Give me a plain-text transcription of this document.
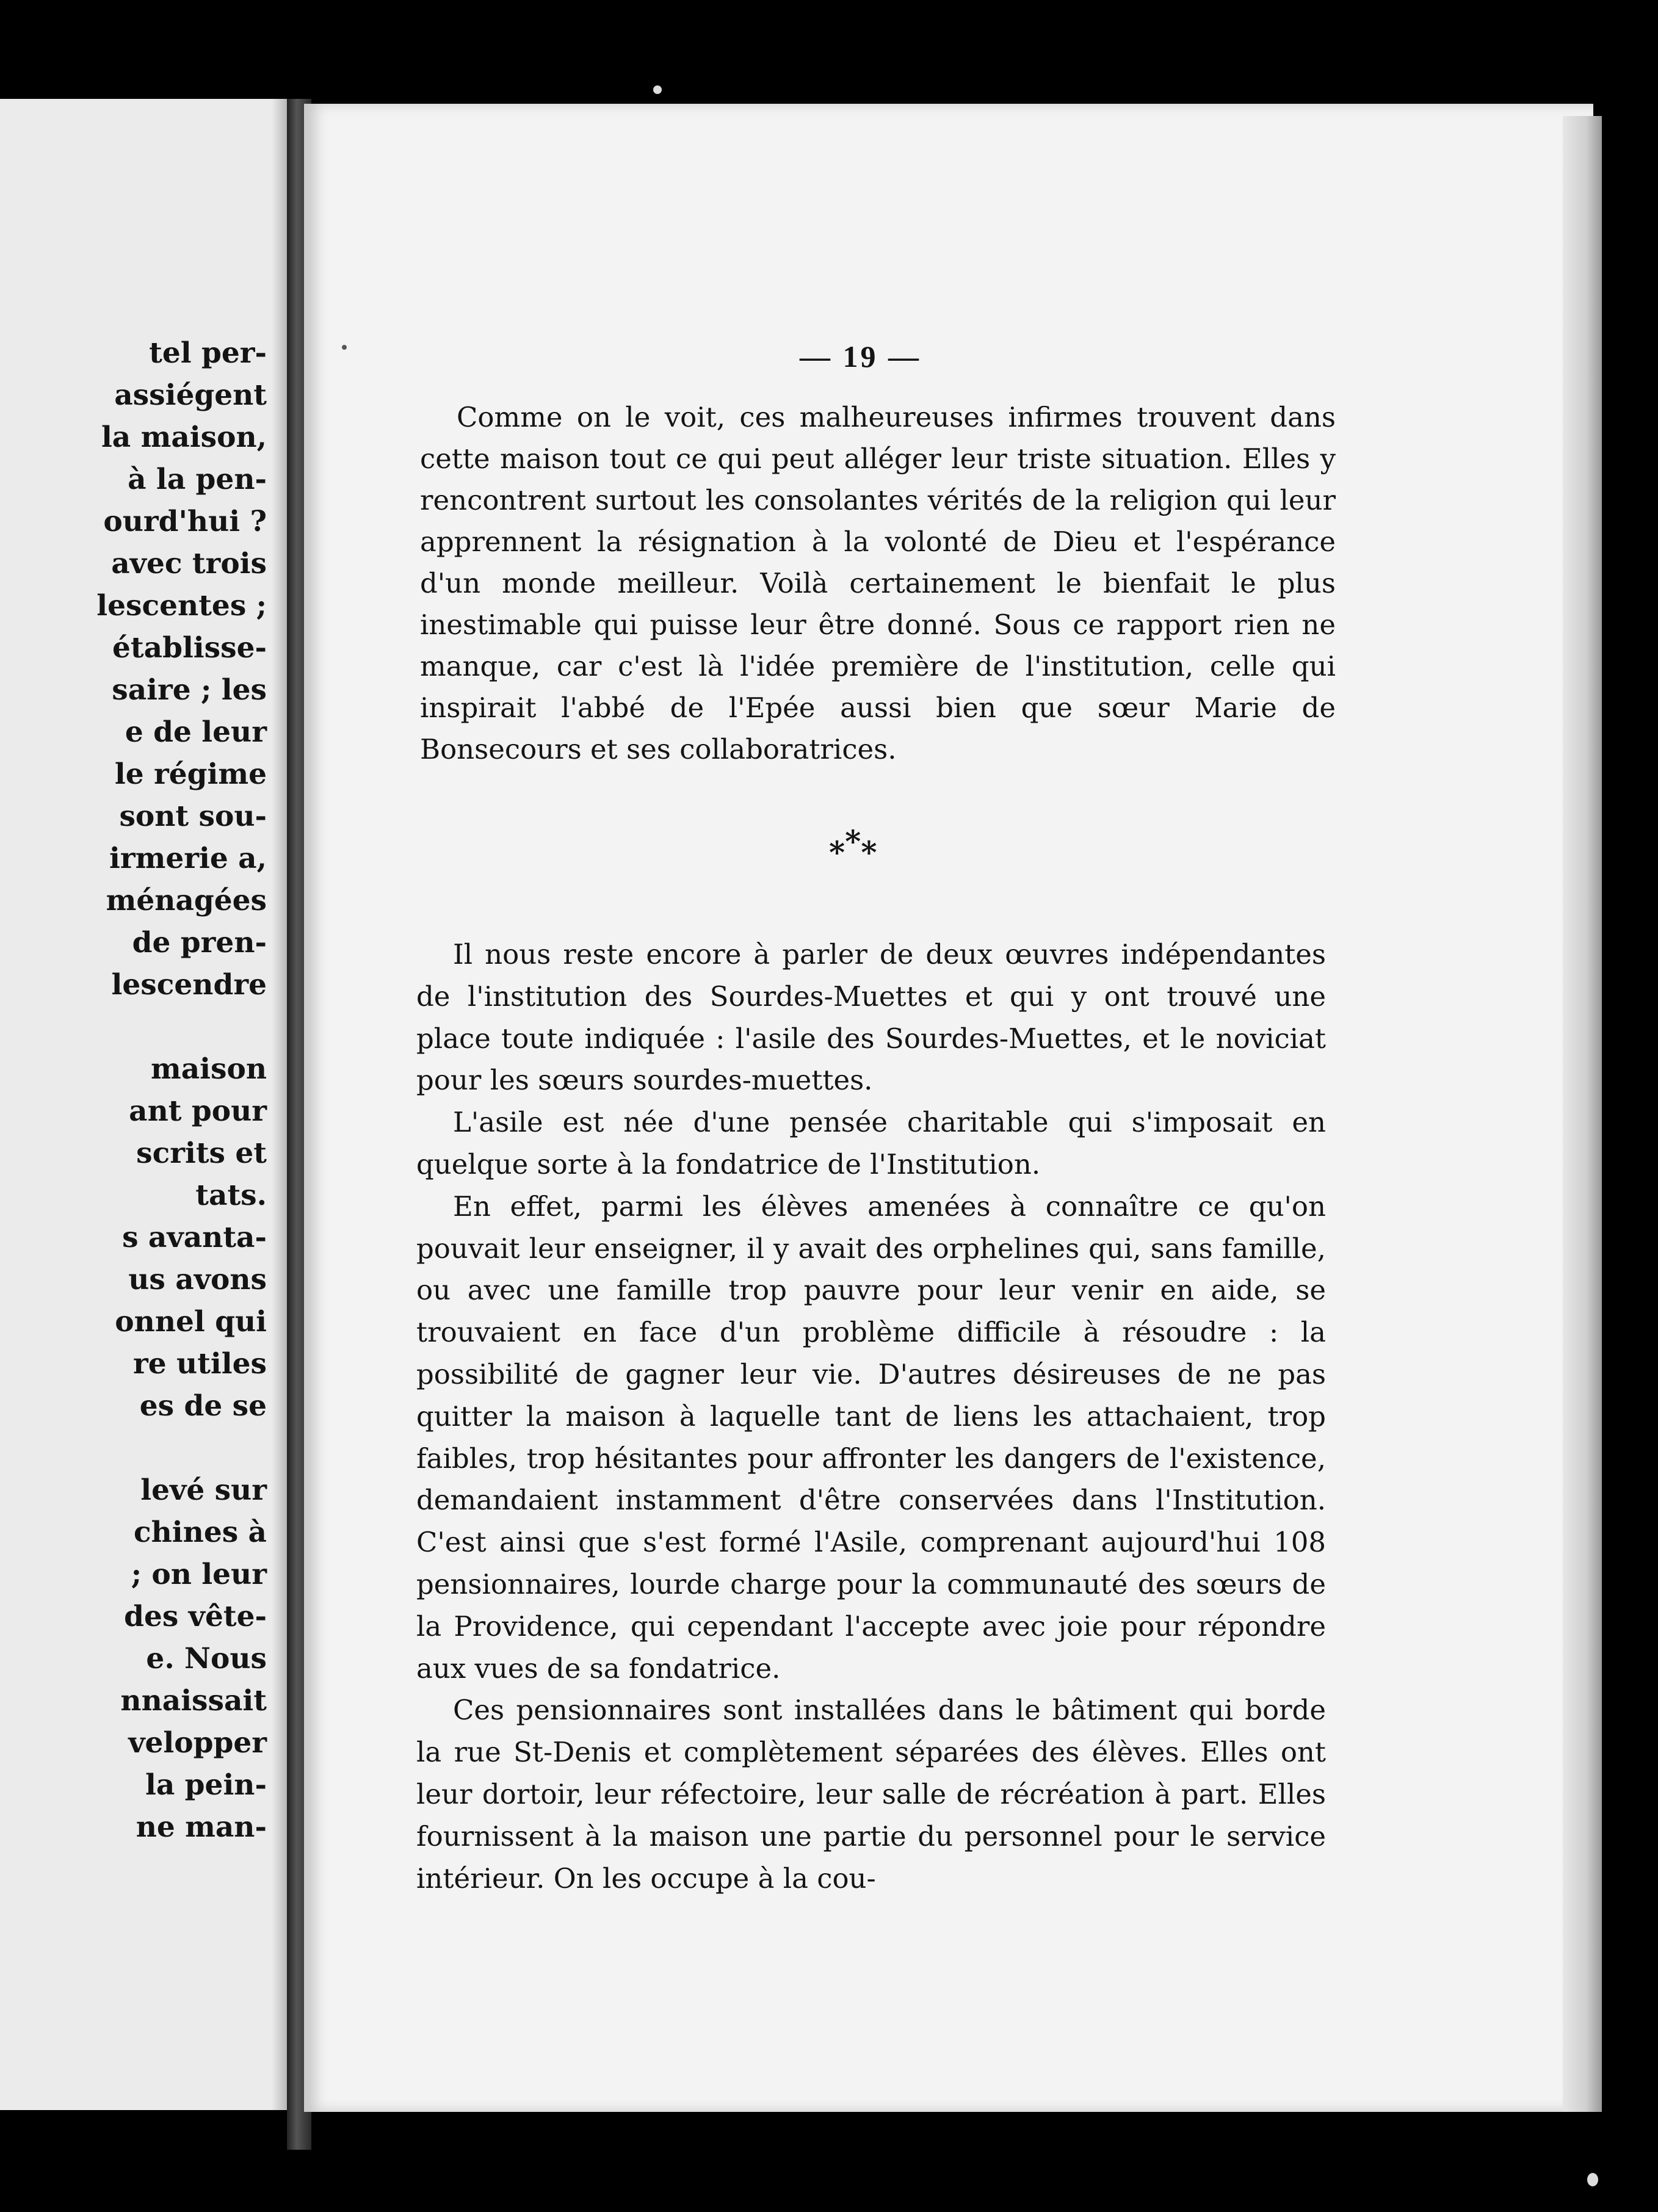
tel per-
assiégent
la maison,
à la pen-
ourd'hui ?
avec trois
lescentes ;
établisse-
saire ; les
e de leur
le régime
sont sou-
irmerie a,
ménagées
de pren-
lescendre
maison
ant pour
scrits et
tats.
s avanta-
us avons
onnel qui
re utiles
es de se
levé sur
chines à
; on leur
des vête-
e. Nous
nnaissait
velopper
la pein-
ne man-
— 19 —

Comme on le voit, ces malheureuses infirmes trouvent dans cette maison tout ce qui peut alléger leur triste situation. Elles y rencontrent surtout les consolantes vérités de la religion qui leur apprennent la résignation à la volonté de Dieu et l'espérance d'un monde meilleur. Voilà certainement le bienfait le plus inestimable qui puisse leur être donné. Sous ce rapport rien ne manque, car c'est là l'idée première de l'institution, celle qui inspirait l'abbé de l'Epée aussi bien que sœur Marie de Bonsecours et ses collaboratrices.

***

Il nous reste encore à parler de deux œuvres indépendantes de l'institution des Sourdes-Muettes et qui y ont trouvé une place toute indiquée : l'asile des Sourdes-Muettes, et le noviciat pour les sœurs sourdes-muettes.

L'asile est née d'une pensée charitable qui s'imposait en quelque sorte à la fondatrice de l'Institution.

En effet, parmi les élèves amenées à connaître ce qu'on pouvait leur enseigner, il y avait des orphelines qui, sans famille, ou avec une famille trop pauvre pour leur venir en aide, se trouvaient en face d'un problème difficile à résoudre : la possibilité de gagner leur vie. D'autres désireuses de ne pas quitter la maison à laquelle tant de liens les attachaient, trop faibles, trop hésitantes pour affronter les dangers de l'existence, demandaient instamment d'être conservées dans l'Institution. C'est ainsi que s'est formé l'Asile, comprenant aujourd'hui 108 pensionnaires, lourde charge pour la communauté des sœurs de la Providence, qui cependant l'accepte avec joie pour répondre aux vues de sa fondatrice.

Ces pensionnaires sont installées dans le bâtiment qui borde la rue St-Denis et complètement séparées des élèves. Elles ont leur dortoir, leur réfectoire, leur salle de récréation à part. Elles fournissent à la maison une partie du personnel pour le service intérieur. On les occupe à la cou-
